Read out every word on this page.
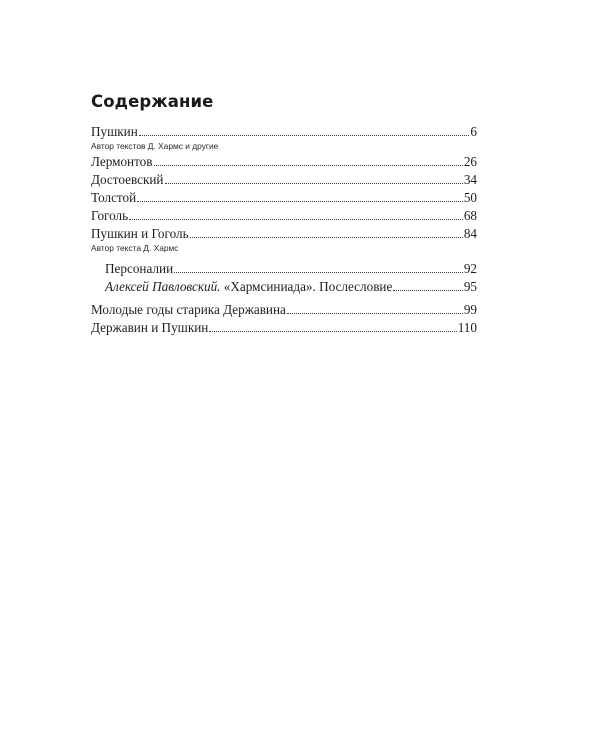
Содержание
Пушкин	6
Автор текстов Д. Хармс и другие
Лермонтов	26
Достоевский	34
Толстой	50
Гоголь	68
Пушкин и Гоголь	84
Автор текста Д. Хармс
Персоналии	92
Алексей Павловский. «Хармсиниада». Послесловие	95
Молодые годы старика Державина	99
Державин и Пушкин	110
